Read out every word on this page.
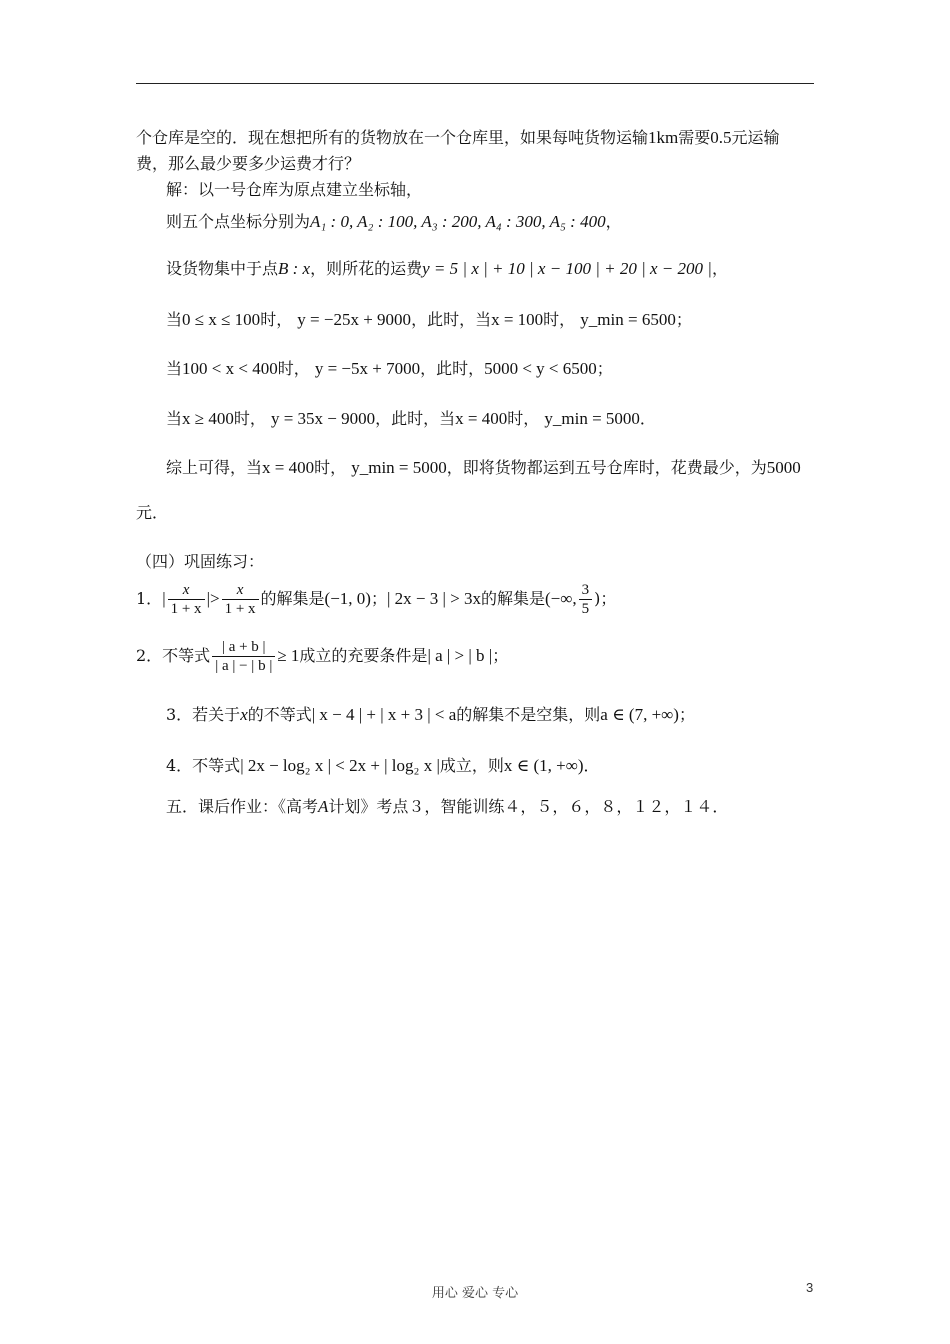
个仓库是空的．现在想把所有的货物放在一个仓库里，如果每吨货物运输1km需要0.5元运输
费，那么最少要多少运费才行？
解：以一号仓库为原点建立坐标轴，
则五个点坐标分别为A₁ : 0, A₂ : 100, A₃ : 200, A₄ : 300, A₅ : 400，
设货物集中于点B : x，则所花的运费y = 5 | x | + 10 | x − 100 | + 20 | x − 200 |，
当0 ≤ x ≤ 100时， y = −25x + 9000，此时，当x = 100时， y_min = 6500；
当100 < x < 400时， y = −5x + 7000，此时，5000 < y < 6500；
当x ≥ 400时， y = 35x − 9000，此时，当x = 400时， y_min = 5000．
综上可得，当x = 400时， y_min = 5000，即将货物都运到五号仓库时，花费最少，为5000
元．
（四）巩固练习：
1．| $\frac{x}{1 + x}$ |> $\frac{x}{1 + x}$ 的解集是(−1, 0)；| 2x − 3 | > 3x的解集是(−∞, $\frac{3}{5}$ )；
2．不等式 $\frac{| a + b |}{| a | - | b |} \ge 1$成立的充要条件是| a | > | b |；
3．若关于x的不等式| x − 4 | + | x + 3 | < a的解集不是空集，则a ∈ (7, +∞)；
4．不等式| 2x − log₂ x | < 2x + | log₂ x |成立，则x ∈ (1, +∞)．
五．课后作业：《高考A计划》考点３，智能训练４，５，６，８，１２，１４．
用心 爱心 专心	3
